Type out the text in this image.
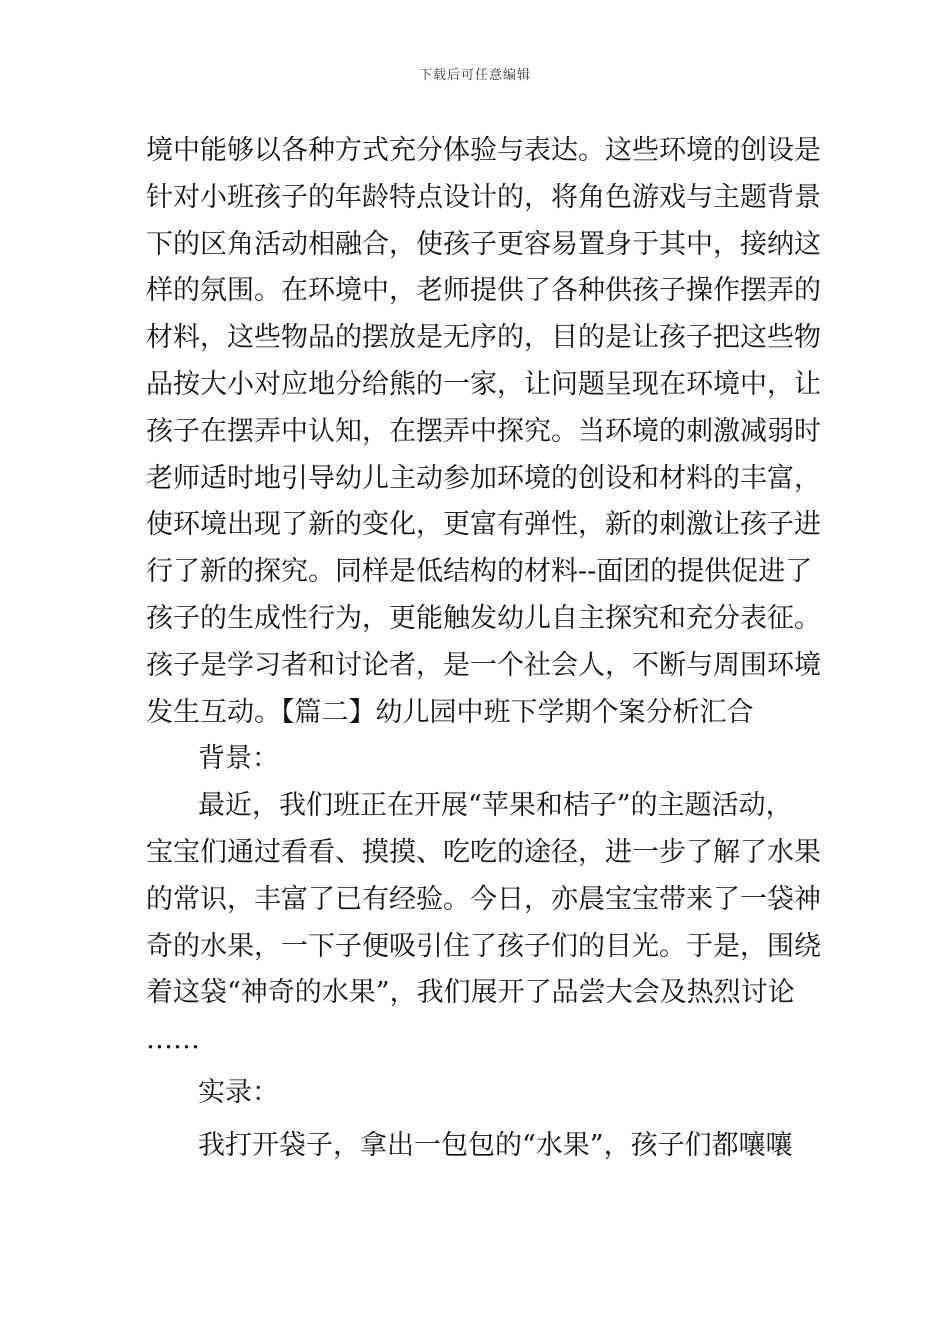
下载后可任意编辑
境中能够以各种方式充分体验与表达。这些环境的创设是
针对小班孩子的年龄特点设计的，将角色游戏与主题背景
下的区角活动相融合，使孩子更容易置身于其中，接纳这
样的氛围。在环境中，老师提供了各种供孩子操作摆弄的
材料，这些物品的摆放是无序的，目的是让孩子把这些物
品按大小对应地分给熊的一家，让问题呈现在环境中，让
孩子在摆弄中认知，在摆弄中探究。当环境的刺激减弱时
老师适时地引导幼儿主动参加环境的创设和材料的丰富，
使环境出现了新的变化，更富有弹性，新的刺激让孩子进
行了新的探究。同样是低结构的材料--面团的提供促进了
孩子的生成性行为，更能触发幼儿自主探究和充分表征。
孩子是学习者和讨论者，是一个社会人，不断与周围环境
发生互动。【篇二】幼儿园中班下学期个案分析汇合
背景：
最近，我们班正在开展“苹果和桔子”的主题活动，
宝宝们通过看看、摸摸、吃吃的途径，进一步了解了水果
的常识，丰富了已有经验。今日，亦晨宝宝带来了一袋神
奇的水果，一下子便吸引住了孩子们的目光。于是，围绕
着这袋“神奇的水果”，我们展开了品尝大会及热烈讨论
……
实录：
我打开袋子，拿出一包包的“水果”，孩子们都嚷嚷
